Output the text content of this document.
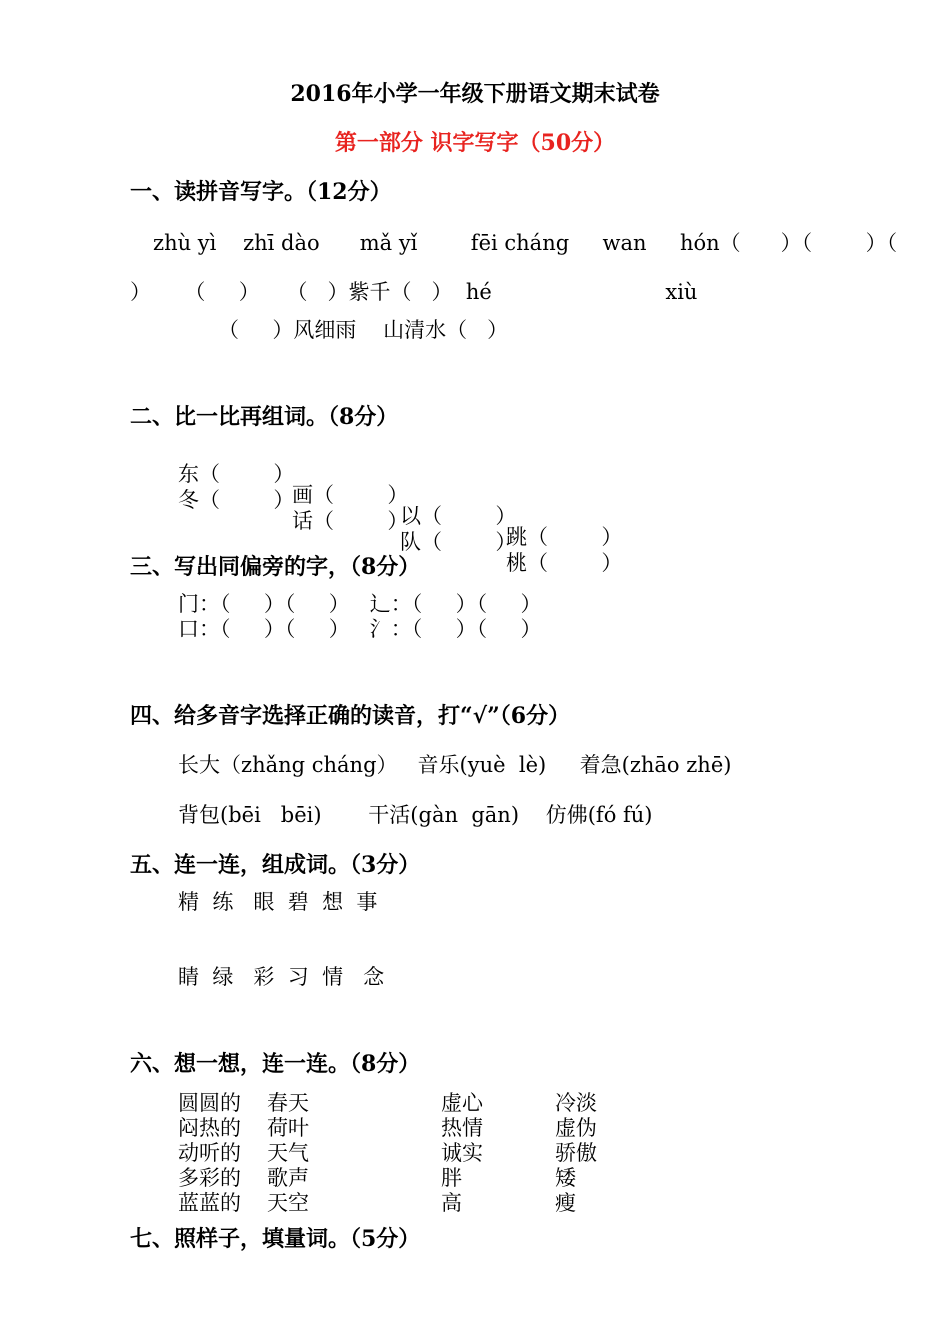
2016年小学一年级下册语文期末试卷
第一部分 识字写字（50分）
一、读拼音写字。（12分）
zhù yì    zhī dào      mǎ yǐ        fēi cháng     wan     hón（      ）（        ）（
）     （     ）    （   ）紫千（   ）  hé                          xiù
（     ）风细雨    山清水（   ）
二、比一比再组词。（8分）

东（        ）

画（        ）

以（        ）

跳（        ）

冬（        ）

话（        ）

队（        ）

桃（        ）

三、写出同偏旁的字，（8分）
门：（     ）（     ）   辶：（     ）（     ）
口：（     ）（     ）   氵：（     ）（     ）
四、给多音字选择正确的读音，打“√”（6分）
长大（zhǎng cháng）   音乐(yuè  lè)     着急(zhāo zhē)
背包(bēi   bēi)       干活(gàn  gān)    仿佛(fó fú)
五、连一连，组成词。（3分）
精  练   眼  碧  想  事
睛  绿   彩  习  情   念
六、想一想，连一连。（8分）
圆圆的
闷热的
动听的
多彩的
蓝蓝的
春天
荷叶
天气
歌声
天空
虚心
热情
诚实
胖
高
冷淡
虚伪
骄傲
矮
瘦
七、照样子，填量词。（5分）
